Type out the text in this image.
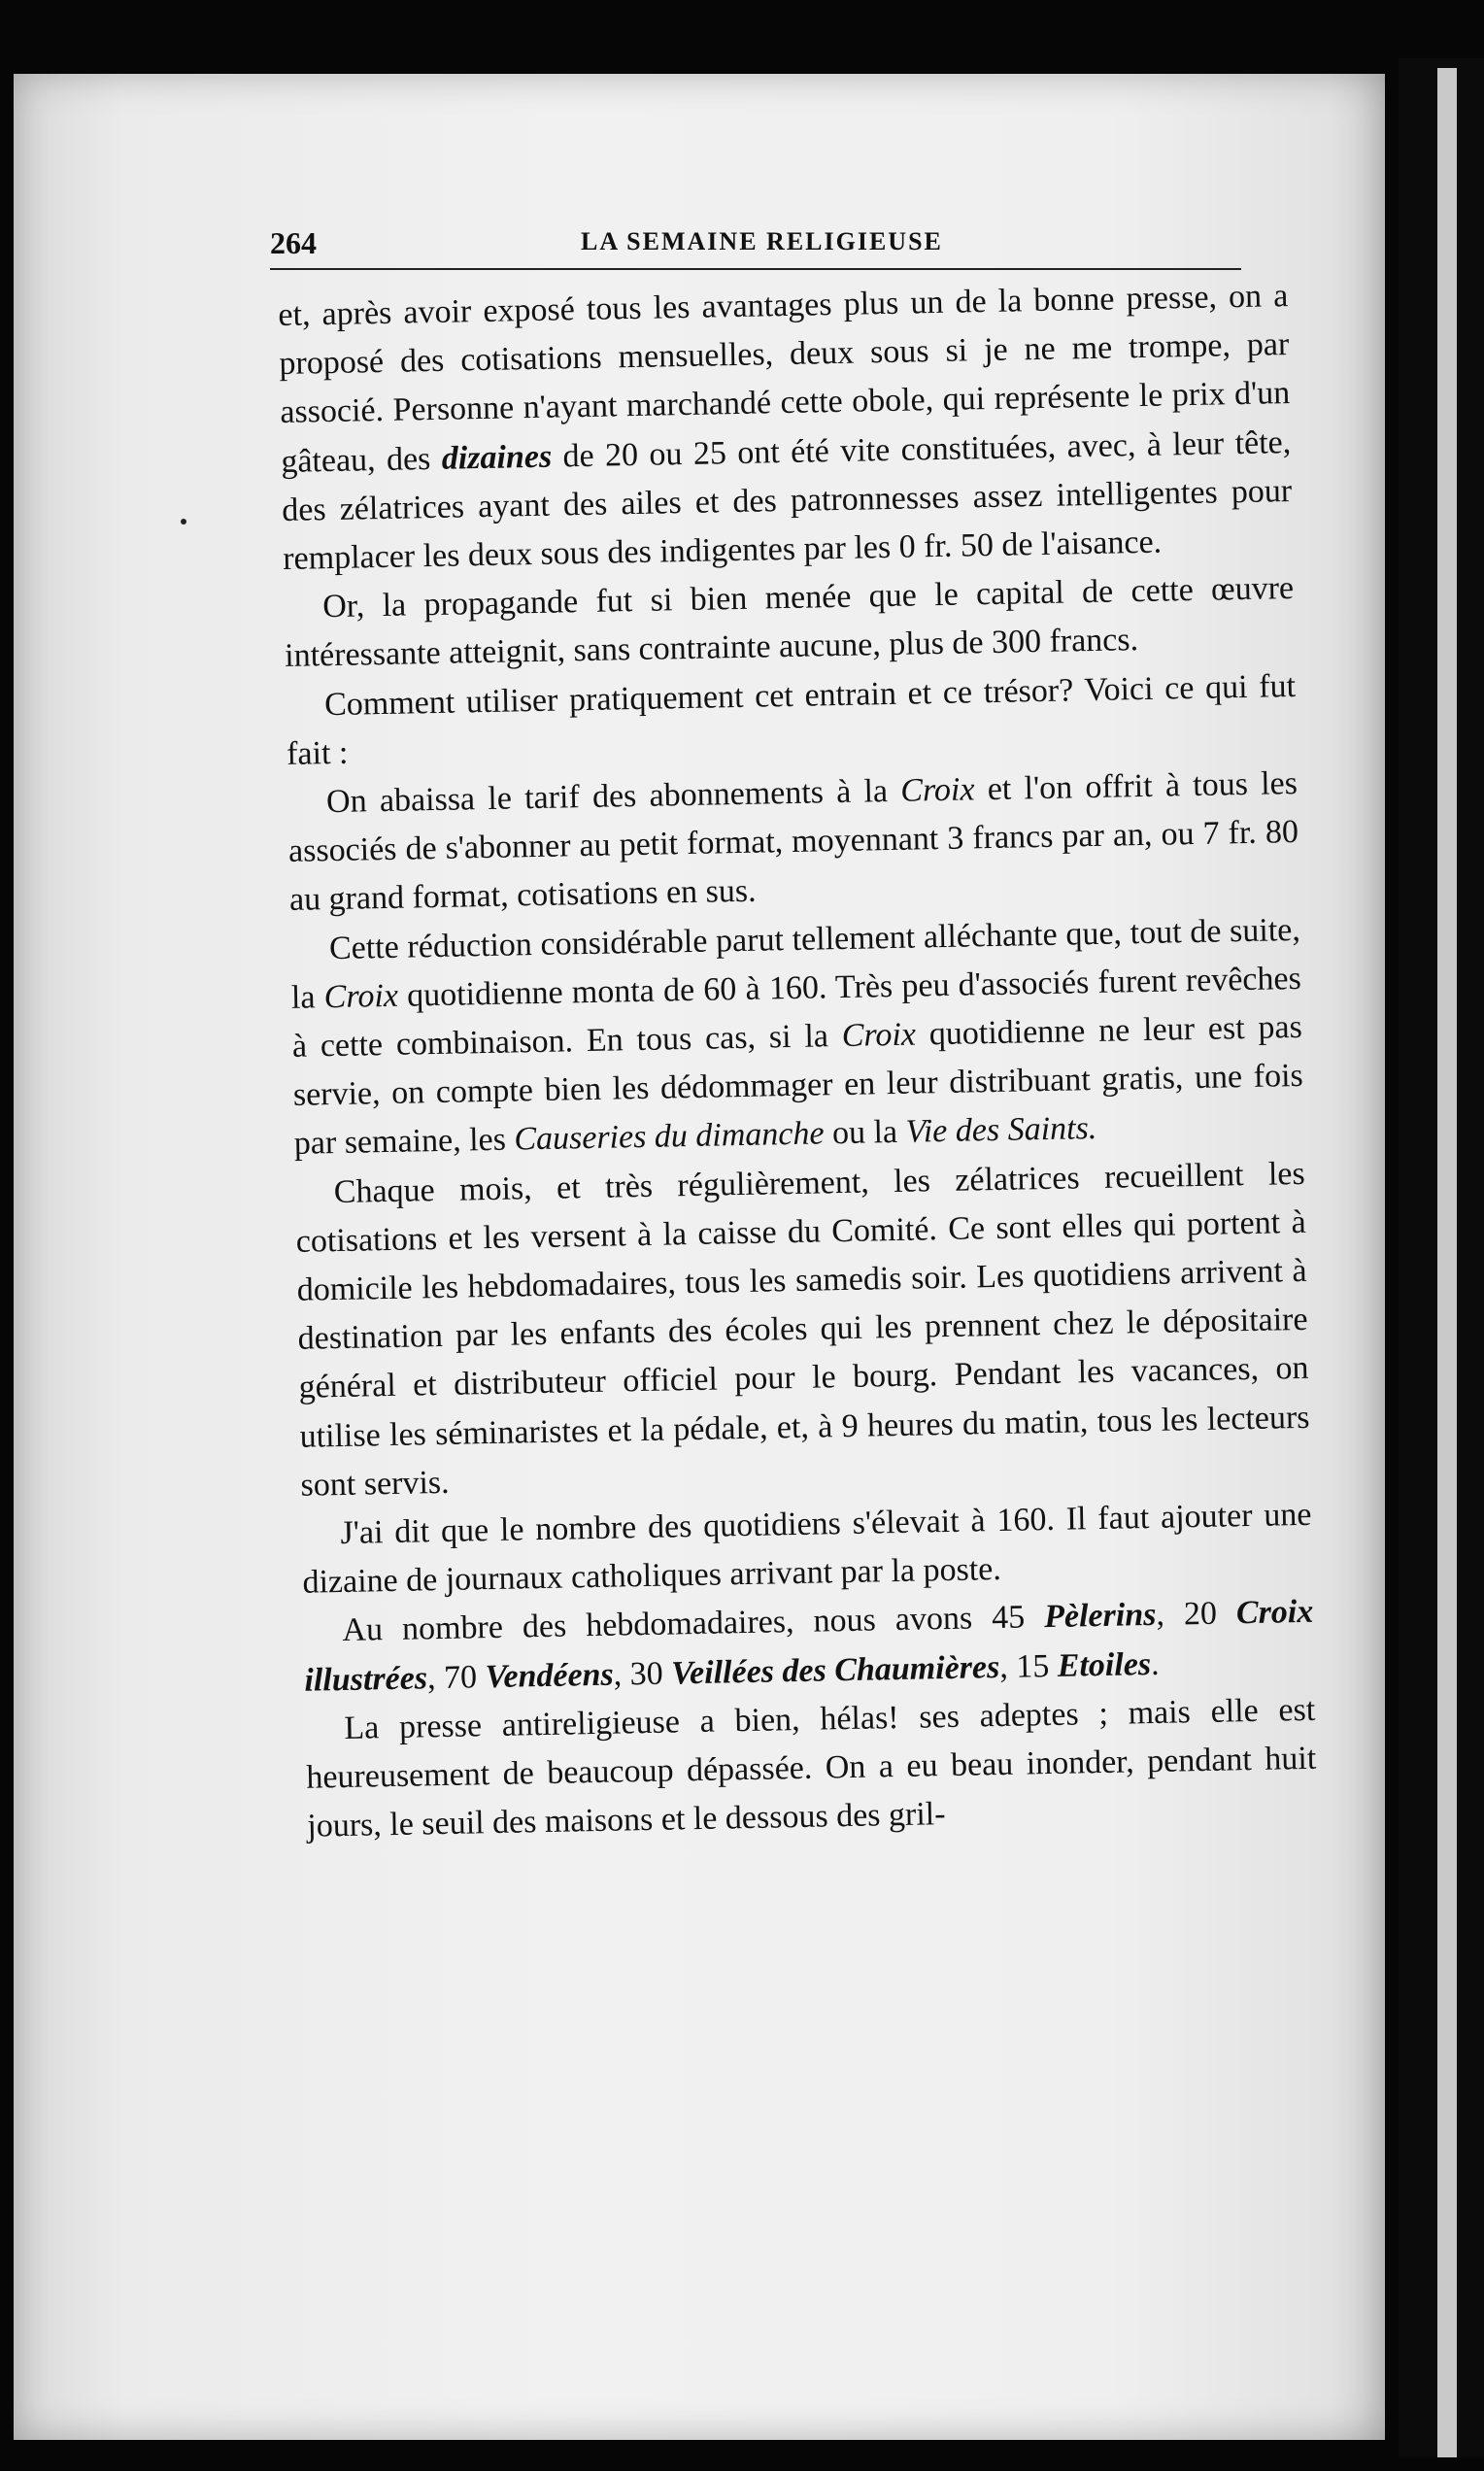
264	LA SEMAINE RELIGIEUSE

et, après avoir exposé tous les avantages plus un de la bonne presse, on a proposé des cotisations mensuelles, deux sous si je ne me trompe, par associé. Personne n'ayant marchandé cette obole, qui représente le prix d'un gâteau, des dizaines de 20 ou 25 ont été vite constituées, avec, à leur tête, des zélatrices ayant des ailes et des patronnesses assez intelligentes pour remplacer les deux sous des indigentes par les 0 fr. 50 de l'aisance.

Or, la propagande fut si bien menée que le capital de cette œuvre intéressante atteignit, sans contrainte aucune, plus de 300 francs.

Comment utiliser pratiquement cet entrain et ce trésor? Voici ce qui fut fait :

On abaissa le tarif des abonnements à la Croix et l'on offrit à tous les associés de s'abonner au petit format, moyennant 3 francs par an, ou 7 fr. 80 au grand format, cotisations en sus.

Cette réduction considérable parut tellement alléchante que, tout de suite, la Croix quotidienne monta de 60 à 160. Très peu d'associés furent revêches à cette combinaison. En tous cas, si la Croix quotidienne ne leur est pas servie, on compte bien les dédommager en leur distribuant gratis, une fois par semaine, les Causeries du dimanche ou la Vie des Saints.

Chaque mois, et très régulièrement, les zélatrices recueillent les cotisations et les versent à la caisse du Comité. Ce sont elles qui portent à domicile les hebdomadaires, tous les samedis soir. Les quotidiens arrivent à destination par les enfants des écoles qui les prennent chez le dépositaire général et distributeur officiel pour le bourg. Pendant les vacances, on utilise les séminaristes et la pédale, et, à 9 heures du matin, tous les lecteurs sont servis.

J'ai dit que le nombre des quotidiens s'élevait à 160. Il faut ajouter une dizaine de journaux catholiques arrivant par la poste.

Au nombre des hebdomadaires, nous avons 45 Pèlerins, 20 Croix illustrées, 70 Vendéens, 30 Veillées des Chaumières, 15 Etoiles.

La presse antireligieuse a bien, hélas! ses adeptes ; mais elle est heureusement de beaucoup dépassée. On a eu beau inonder, pendant huit jours, le seuil des maisons et le dessous des gril-
